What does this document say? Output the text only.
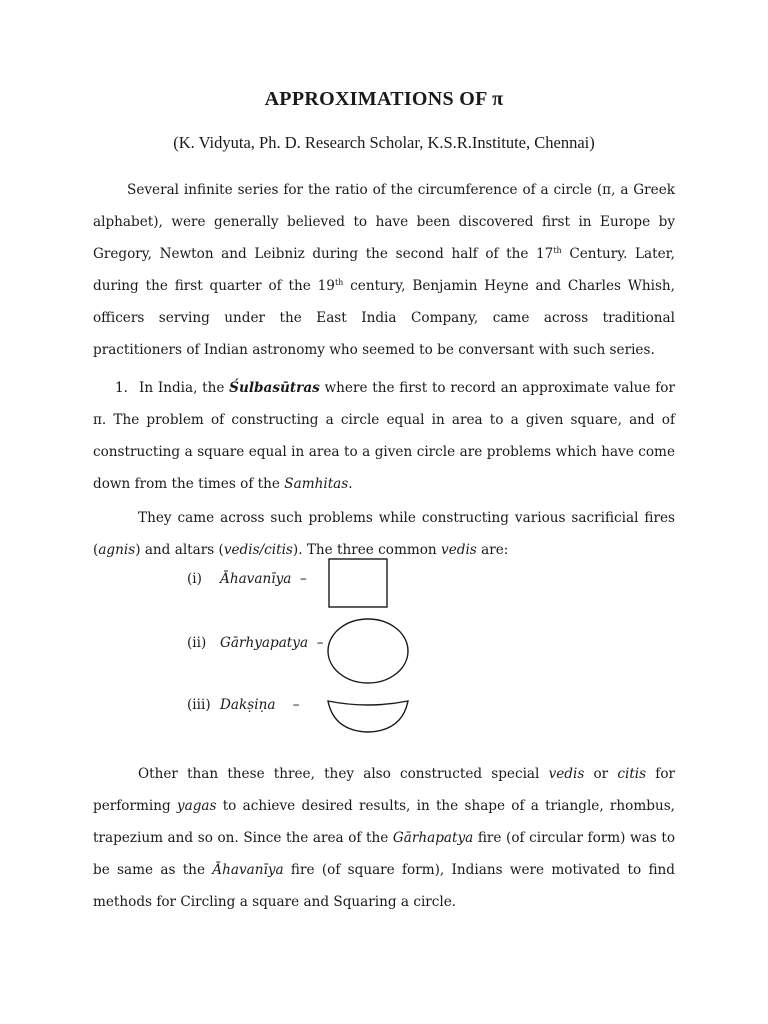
APPROXIMATIONS OF π
(K. Vidyuta, Ph. D. Research Scholar, K.S.R.Institute, Chennai)

Several infinite series for the ratio of the circumference of a circle (π, a Greek alphabet), were generally believed to have been discovered first in Europe by Gregory, Newton and Leibniz during the second half of the 17th Century. Later, during the first quarter of the 19th century, Benjamin Heyne and Charles Whish, officers serving under the East India Company, came across traditional practitioners of Indian astronomy who seemed to be conversant with such series.

1. In India, the Śulbasūtras where the first to record an approximate value for π. The problem of constructing a circle equal in area to a given square, and of constructing a square equal in area to a given circle are problems which have come down from the times of the Samhitas.

They came across such problems while constructing various sacrificial fires (agnis) and altars (vedis/citis). The three common vedis are:

(i) Āhavanīya –
(ii) Gārhyapatya –
(iii) Dakṣiṇa –

Other than these three, they also constructed special vedis or citis for performing yagas to achieve desired results, in the shape of a triangle, rhombus, trapezium and so on. Since the area of the Gārhapatya fire (of circular form) was to be same as the Āhavanīya fire (of square form), Indians were motivated to find methods for Circling a square and Squaring a circle.
